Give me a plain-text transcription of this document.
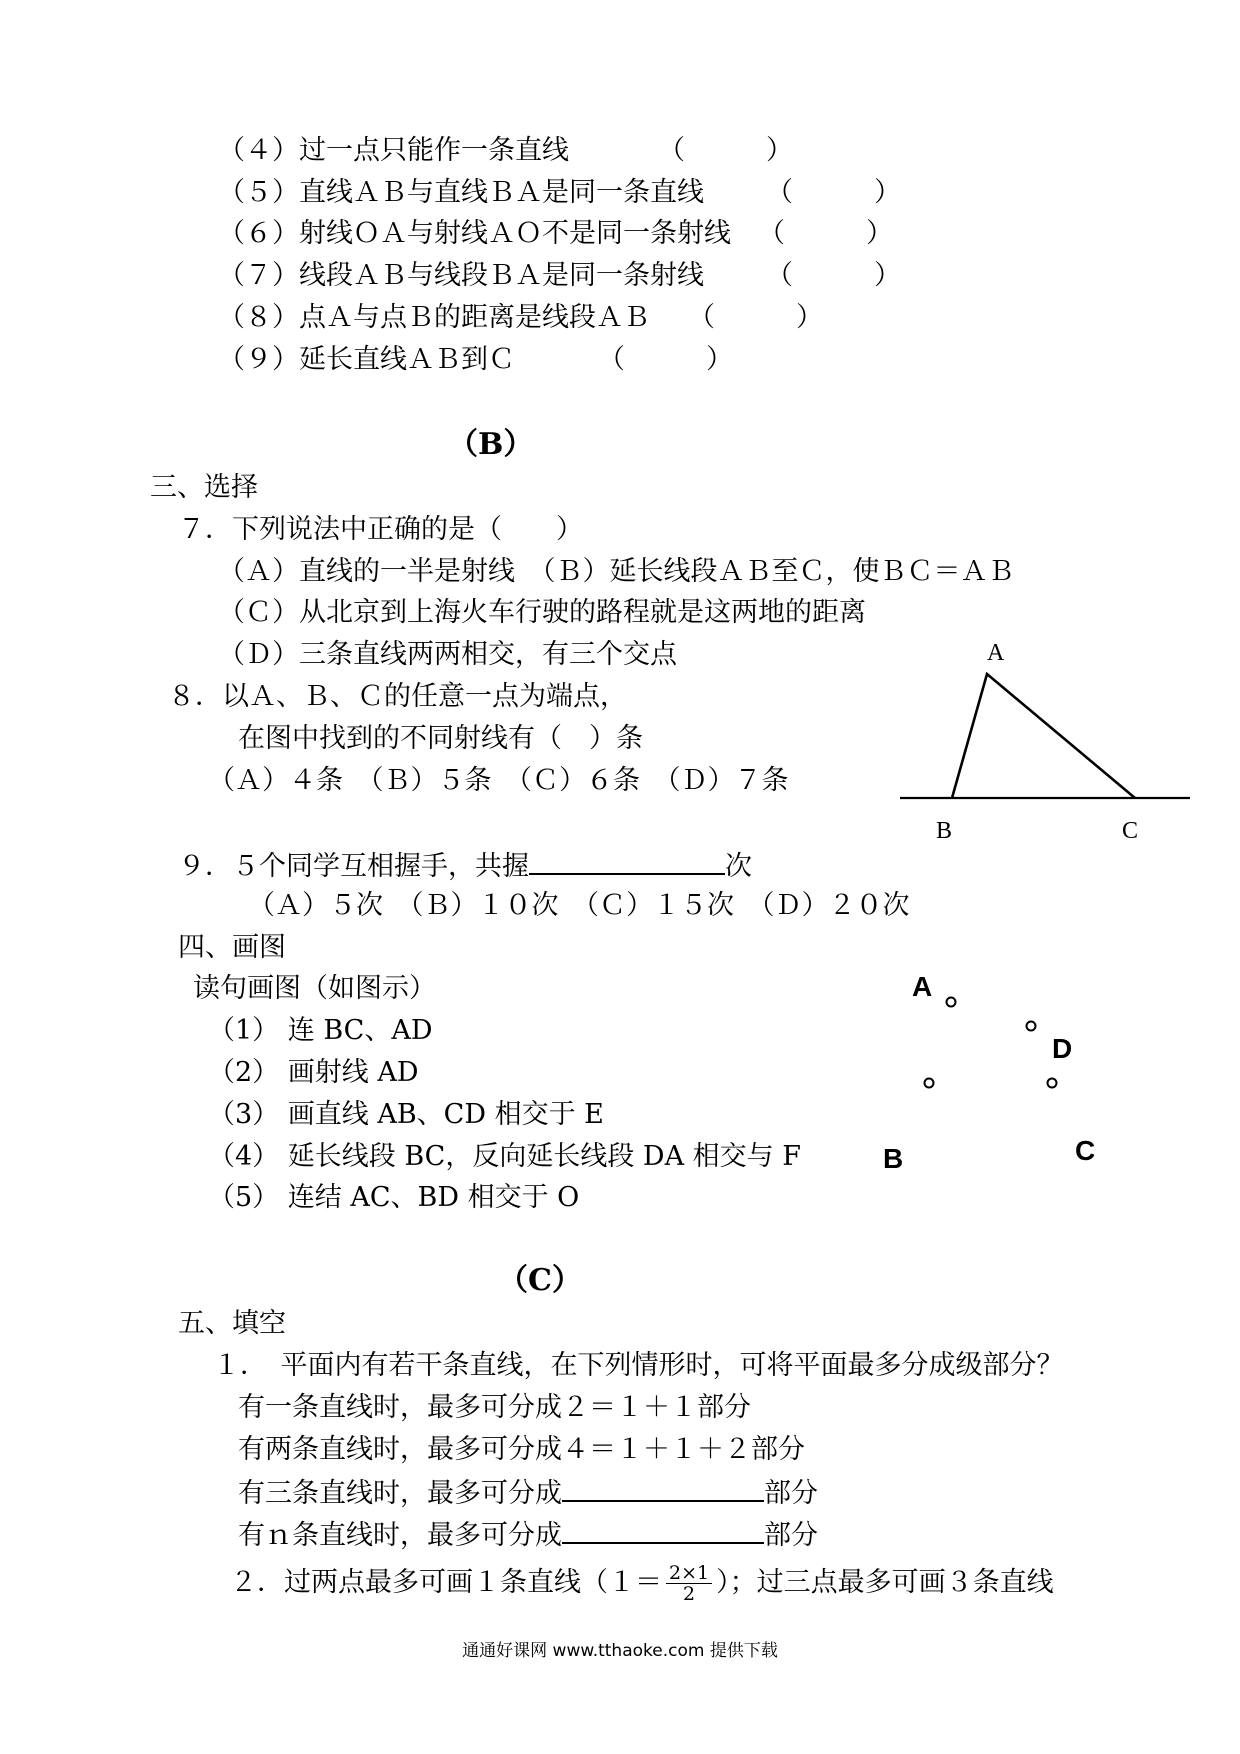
（４）过一点只能作一条直线	（　　　）
（５）直线ＡＢ与直线ＢＡ是同一条直线 （　　　）
（６）射线ＯＡ与射线ＡＯ不是同一条射线 （　　　）
（７）线段ＡＢ与线段ＢＡ是同一条射线 （　　　）
（８）点Ａ与点Ｂ的距离是线段ＡＢ （　　　）
（９）延长直线ＡＢ到Ｃ	（　　　）
（B）
三、选择
７．下列说法中正确的是（　　）
（Ａ）直线的一半是射线　（Ｂ）延长线段ＡＢ至Ｃ，使ＢＣ＝ＡＢ
（Ｃ）从北京到上海火车行驶的路程就是这两地的距离
（Ｄ）三条直线两两相交，有三个交点
８．以Ａ、Ｂ、Ｃ的任意一点为端点，
在图中找到的不同射线有（　）条
（Ａ）４条　（Ｂ）５条　（Ｃ）６条　（Ｄ）７条
A
B	C
９．５个同学互相握手，共握	次
（Ａ）５次　（Ｂ）１０次　（Ｃ）１５次　（Ｄ）２０次
四、画图
读句画图（如图示）
（1） 连 BC、AD
（2） 画射线 AD
（3） 画直线 AB、CD 相交于 E
（4） 延长线段 BC，反向延长线段 DA 相交与 F
（5） 连结 AC、BD 相交于 O
A
D
B	C
（C）
五、填空
１．　平面内有若干条直线，在下列情形时，可将平面最多分成级部分？
有一条直线时，最多可分成２＝１＋１部分
有两条直线时，最多可分成４＝１＋１＋２部分
有三条直线时，最多可分成	部分
有ｎ条直线时，最多可分成	部分
２．过两点最多可画１条直线（$1= \frac{2\times 1}{2}$ ）；过三点最多可画３条直线
通通好课网 www.tthaoke.com 提供下载
